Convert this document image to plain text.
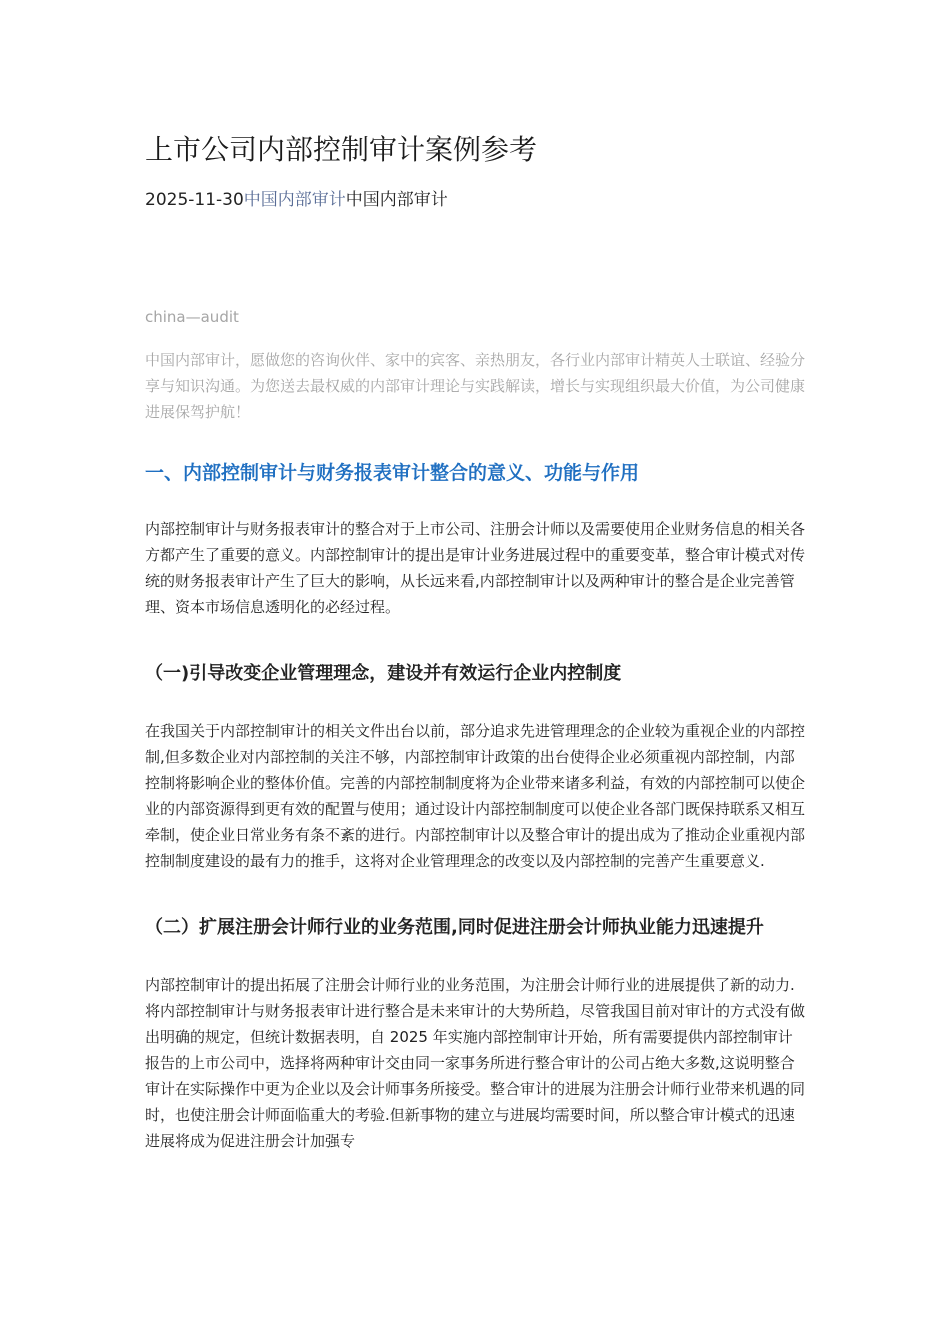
上市公司内部控制审计案例参考
2025-11-30中国内部审计中国内部审计
china—audit

中国内部审计，愿做您的咨询伙伴、家中的宾客、亲热朋友，各行业内部审计精英人士联谊、经验分享与知识沟通。为您送去最权威的内部审计理论与实践解读，增长与实现组织最大价值，为公司健康进展保驾护航！

一、内部控制审计与财务报表审计整合的意义、功能与作用

内部控制审计与财务报表审计的整合对于上市公司、注册会计师以及需要使用企业财务信息的相关各方都产生了重要的意义。内部控制审计的提出是审计业务进展过程中的重要变革，整合审计模式对传统的财务报表审计产生了巨大的影响，从长远来看,内部控制审计以及两种审计的整合是企业完善管理、资本市场信息透明化的必经过程。

（一)引导改变企业管理理念，建设并有效运行企业内控制度

在我国关于内部控制审计的相关文件出台以前，部分追求先进管理理念的企业较为重视企业的内部控制,但多数企业对内部控制的关注不够，内部控制审计政策的出台使得企业必须重视内部控制，内部控制将影响企业的整体价值。完善的内部控制制度将为企业带来诸多利益，有效的内部控制可以使企业的内部资源得到更有效的配置与使用；通过设计内部控制制度可以使企业各部门既保持联系又相互牵制，使企业日常业务有条不紊的进行。内部控制审计以及整合审计的提出成为了推动企业重视内部控制制度建设的最有力的推手，这将对企业管理理念的改变以及内部控制的完善产生重要意义.

（二）扩展注册会计师行业的业务范围,同时促进注册会计师执业能力迅速提升

内部控制审计的提出拓展了注册会计师行业的业务范围，为注册会计师行业的进展提供了新的动力.将内部控制审计与财务报表审计进行整合是未来审计的大势所趋，尽管我国目前对审计的方式没有做出明确的规定，但统计数据表明，自 2025 年实施内部控制审计开始，所有需要提供内部控制审计报告的上市公司中，选择将两种审计交由同一家事务所进行整合审计的公司占绝大多数,这说明整合审计在实际操作中更为企业以及会计师事务所接受。整合审计的进展为注册会计师行业带来机遇的同时，也使注册会计师面临重大的考验.但新事物的建立与进展均需要时间，所以整合审计模式的迅速进展将成为促进注册会计加强专
